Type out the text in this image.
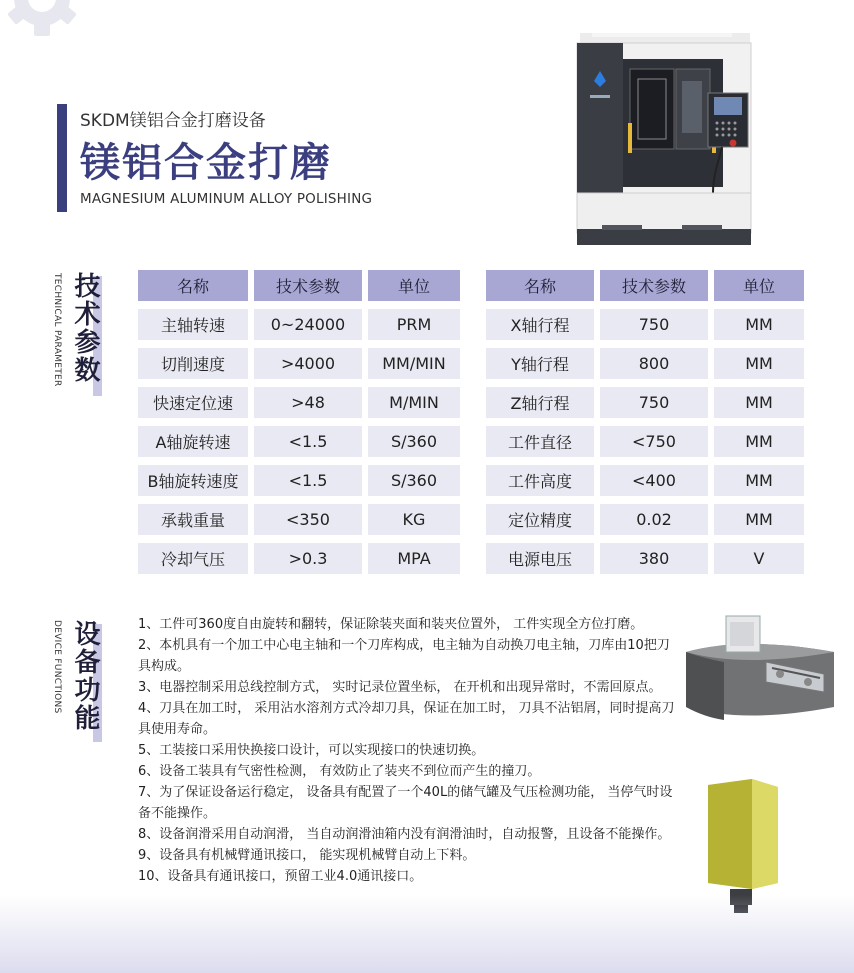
SKDM镁铝合金打磨设备
镁铝合金打磨
MAGNESIUM ALUMINUM ALLOY POLISHING
TECHNICAL PARAMETER 技术参数	名称	技术参数	单位
主轴转速	0~24000	PRM
切削速度	>4000	MM/MIN
快速定位速	>48	M/MIN
A轴旋转速	<1.5	S/360
B轴旋转速度	<1.5	S/360
承载重量	<350	KG
冷却气压	>0.3	MPA
名称	技术参数	单位
X轴行程	750	MM
Y轴行程	800	MM
Z轴行程	750	MM
工件直径	<750	MM
工件高度	<400	MM
定位精度	0.02	MM
电源电压	380	V
DEVICE FUNCTIONS 设备功能	1、工件可360度自由旋转和翻转，保证除装夹面和装夹位置外， 工件实现全方位打磨。

2、本机具有一个加工中心电主轴和一个刀库构成，电主轴为自动换刀电主轴，刀库由10把刀具构成。

3、电器控制采用总线控制方式， 实时记录位置坐标， 在开机和出现异常时，不需回原点。

4、刀具在加工时， 采用沾水溶剂方式冷却刀具，保证在加工时， 刀具不沾铝屑，同时提高刀具使用寿命。

5、工装接口采用快换接口设计，可以实现接口的快速切换。

6、设备工装具有气密性检测， 有效防止了装夹不到位而产生的撞刀。

7、为了保证设备运行稳定， 设备具有配置了一个40L的储气罐及气压检测功能， 当停气时设备不能操作。

8、设备润滑采用自动润滑， 当自动润滑油箱内没有润滑油时，自动报警，且设备不能操作。

9、设备具有机械臂通讯接口， 能实现机械臂自动上下料。

10、设备具有通讯接口，预留工业4.0通讯接口。
